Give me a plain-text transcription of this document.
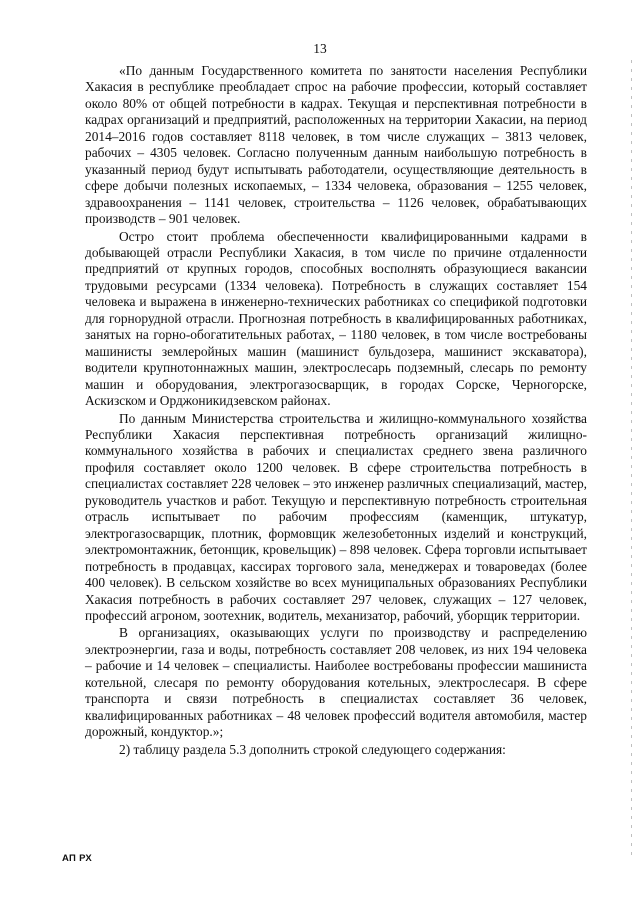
13

«По данным Государственного комитета по занятости населения Республики Хакасия в республике преобладает спрос на рабочие профессии, который составляет около 80% от общей потребности в кадрах. Текущая и перспективная потребности в кадрах организаций и предприятий, расположенных на территории Хакасии, на период 2014–2016 годов составляет 8118 человек, в том числе служащих – 3813 человек, рабочих – 4305 человек. Согласно полученным данным наибольшую потребность в указанный период будут испытывать работодатели, осуществляющие деятельность в сфере добычи полезных ископаемых, – 1334 человека, образования – 1255 человек, здравоохранения – 1141 человек, строительства – 1126 человек, обрабатывающих производств – 901 человек.

Остро стоит проблема обеспеченности квалифицированными кадрами в добывающей отрасли Республики Хакасия, в том числе по причине отдаленности предприятий от крупных городов, способных восполнять образующиеся вакансии трудовыми ресурсами (1334 человека). Потребность в служащих составляет 154 человека и выражена в инженерно-технических работниках со спецификой подготовки для горнорудной отрасли. Прогнозная потребность в квалифицированных работниках, занятых на горно-обогатительных работах, – 1180 человек, в том числе востребованы машинисты землеройных машин (машинист бульдозера, машинист экскаватора), водители крупнотоннажных машин, электрослесарь подземный, слесарь по ремонту машин и оборудования, электрогазосварщик, в городах Сорске, Черногорске, Аскизском и Орджоникидзевском районах.

По данным Министерства строительства и жилищно-коммунального хозяйства Республики Хакасия перспективная потребность организаций жилищно-коммунального хозяйства в рабочих и специалистах среднего звена различного профиля составляет около 1200 человек. В сфере строительства потребность в специалистах составляет 228 человек – это инженер различных специализаций, мастер, руководитель участков и работ. Текущую и перспективную потребность строительная отрасль испытывает по рабочим профессиям (каменщик, штукатур, электрогазосварщик, плотник, формовщик железобетонных изделий и конструкций, электромонтажник, бетонщик, кровельщик) – 898 человек. Сфера торговли испытывает потребность в продавцах, кассирах торгового зала, менеджерах и товароведах (более 400 человек). В сельском хозяйстве во всех муниципальных образованиях Республики Хакасия потребность в рабочих составляет 297 человек, служащих – 127 человек, профессий агроном, зоотехник, водитель, механизатор, рабочий, уборщик территории.

В организациях, оказывающих услуги по производству и распределению электроэнергии, газа и воды, потребность составляет 208 человек, из них 194 человека – рабочие и 14 человек – специалисты. Наиболее востребованы профессии машиниста котельной, слесаря по ремонту оборудования котельных, электрослесаря. В сфере транспорта и связи потребность в специалистах составляет 36 человек, квалифицированных работниках – 48 человек профессий водителя автомобиля, мастер дорожный, кондуктор.»;

2) таблицу раздела 5.3 дополнить строкой следующего содержания:

АП РХ
